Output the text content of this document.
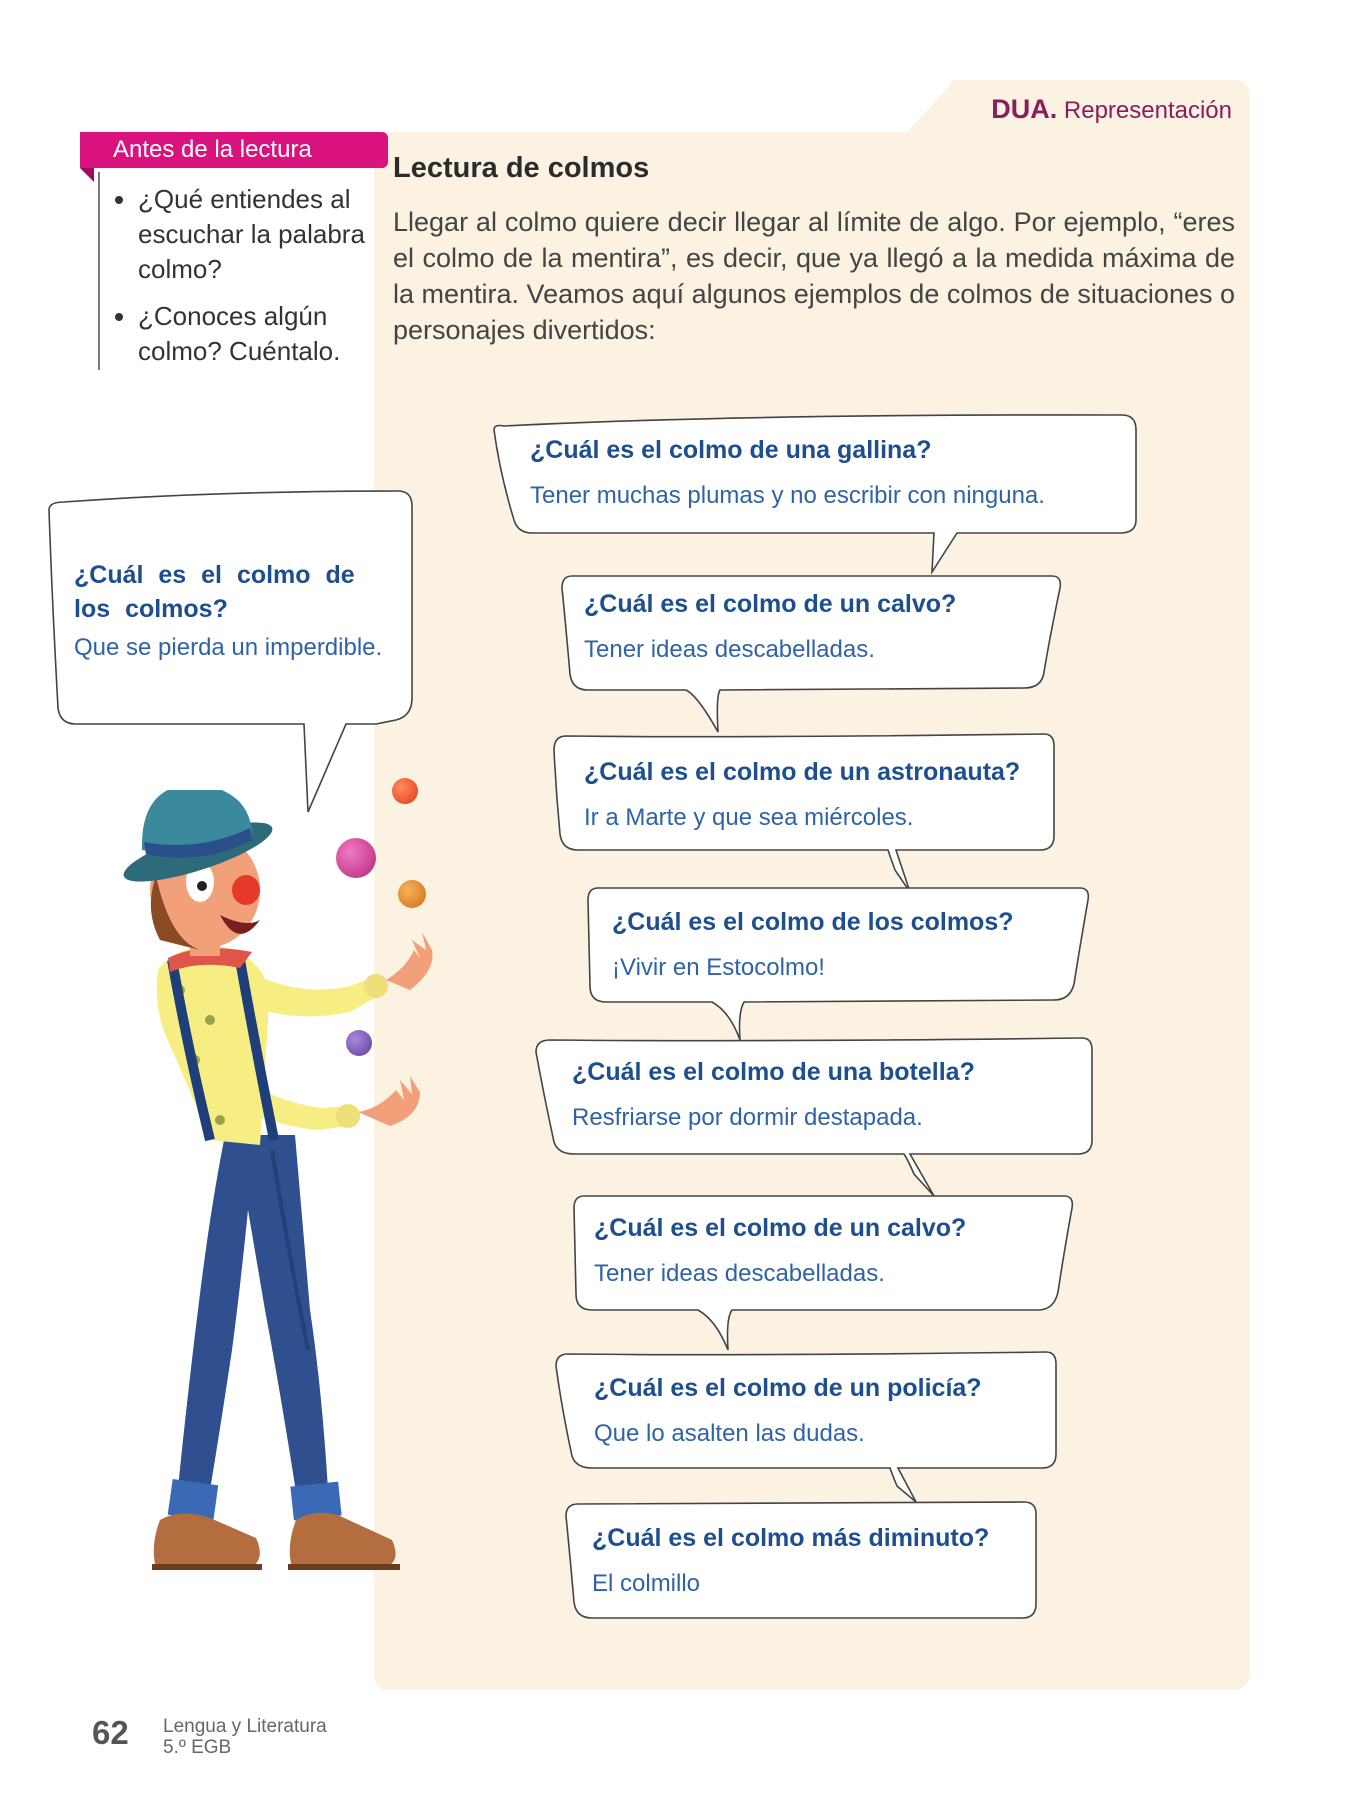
DUA. Representación
Antes de la lectura
• ¿Qué entiendes al escuchar la palabra colmo?
• ¿Conoces algún colmo? Cuéntalo.
Lectura de colmos

Llegar al colmo quiere decir llegar al límite de algo. Por ejemplo, “eres el colmo de la mentira”, es decir, que ya llegó a la medida máxima de la mentira. Veamos aquí algunos ejemplos de colmos de situaciones o personajes divertidos:

¿Cuál es el colmo de los colmos?
Que se pierda un imperdible.
¿Cuál es el colmo de una gallina?
Tener muchas plumas y no escribir con ninguna.
¿Cuál es el colmo de un calvo?
Tener ideas descabelladas.
¿Cuál es el colmo de un astronauta?
Ir a Marte y que sea miércoles.
¿Cuál es el colmo de los colmos?
¡Vivir en Estocolmo!
¿Cuál es el colmo de una botella?
Resfriarse por dormir destapada.
¿Cuál es el colmo de un calvo?
Tener ideas descabelladas.
¿Cuál es el colmo de un policía?
Que lo asalten las dudas.
¿Cuál es el colmo más diminuto?
El colmillo
62 Lengua y Literatura
5.º EGB
